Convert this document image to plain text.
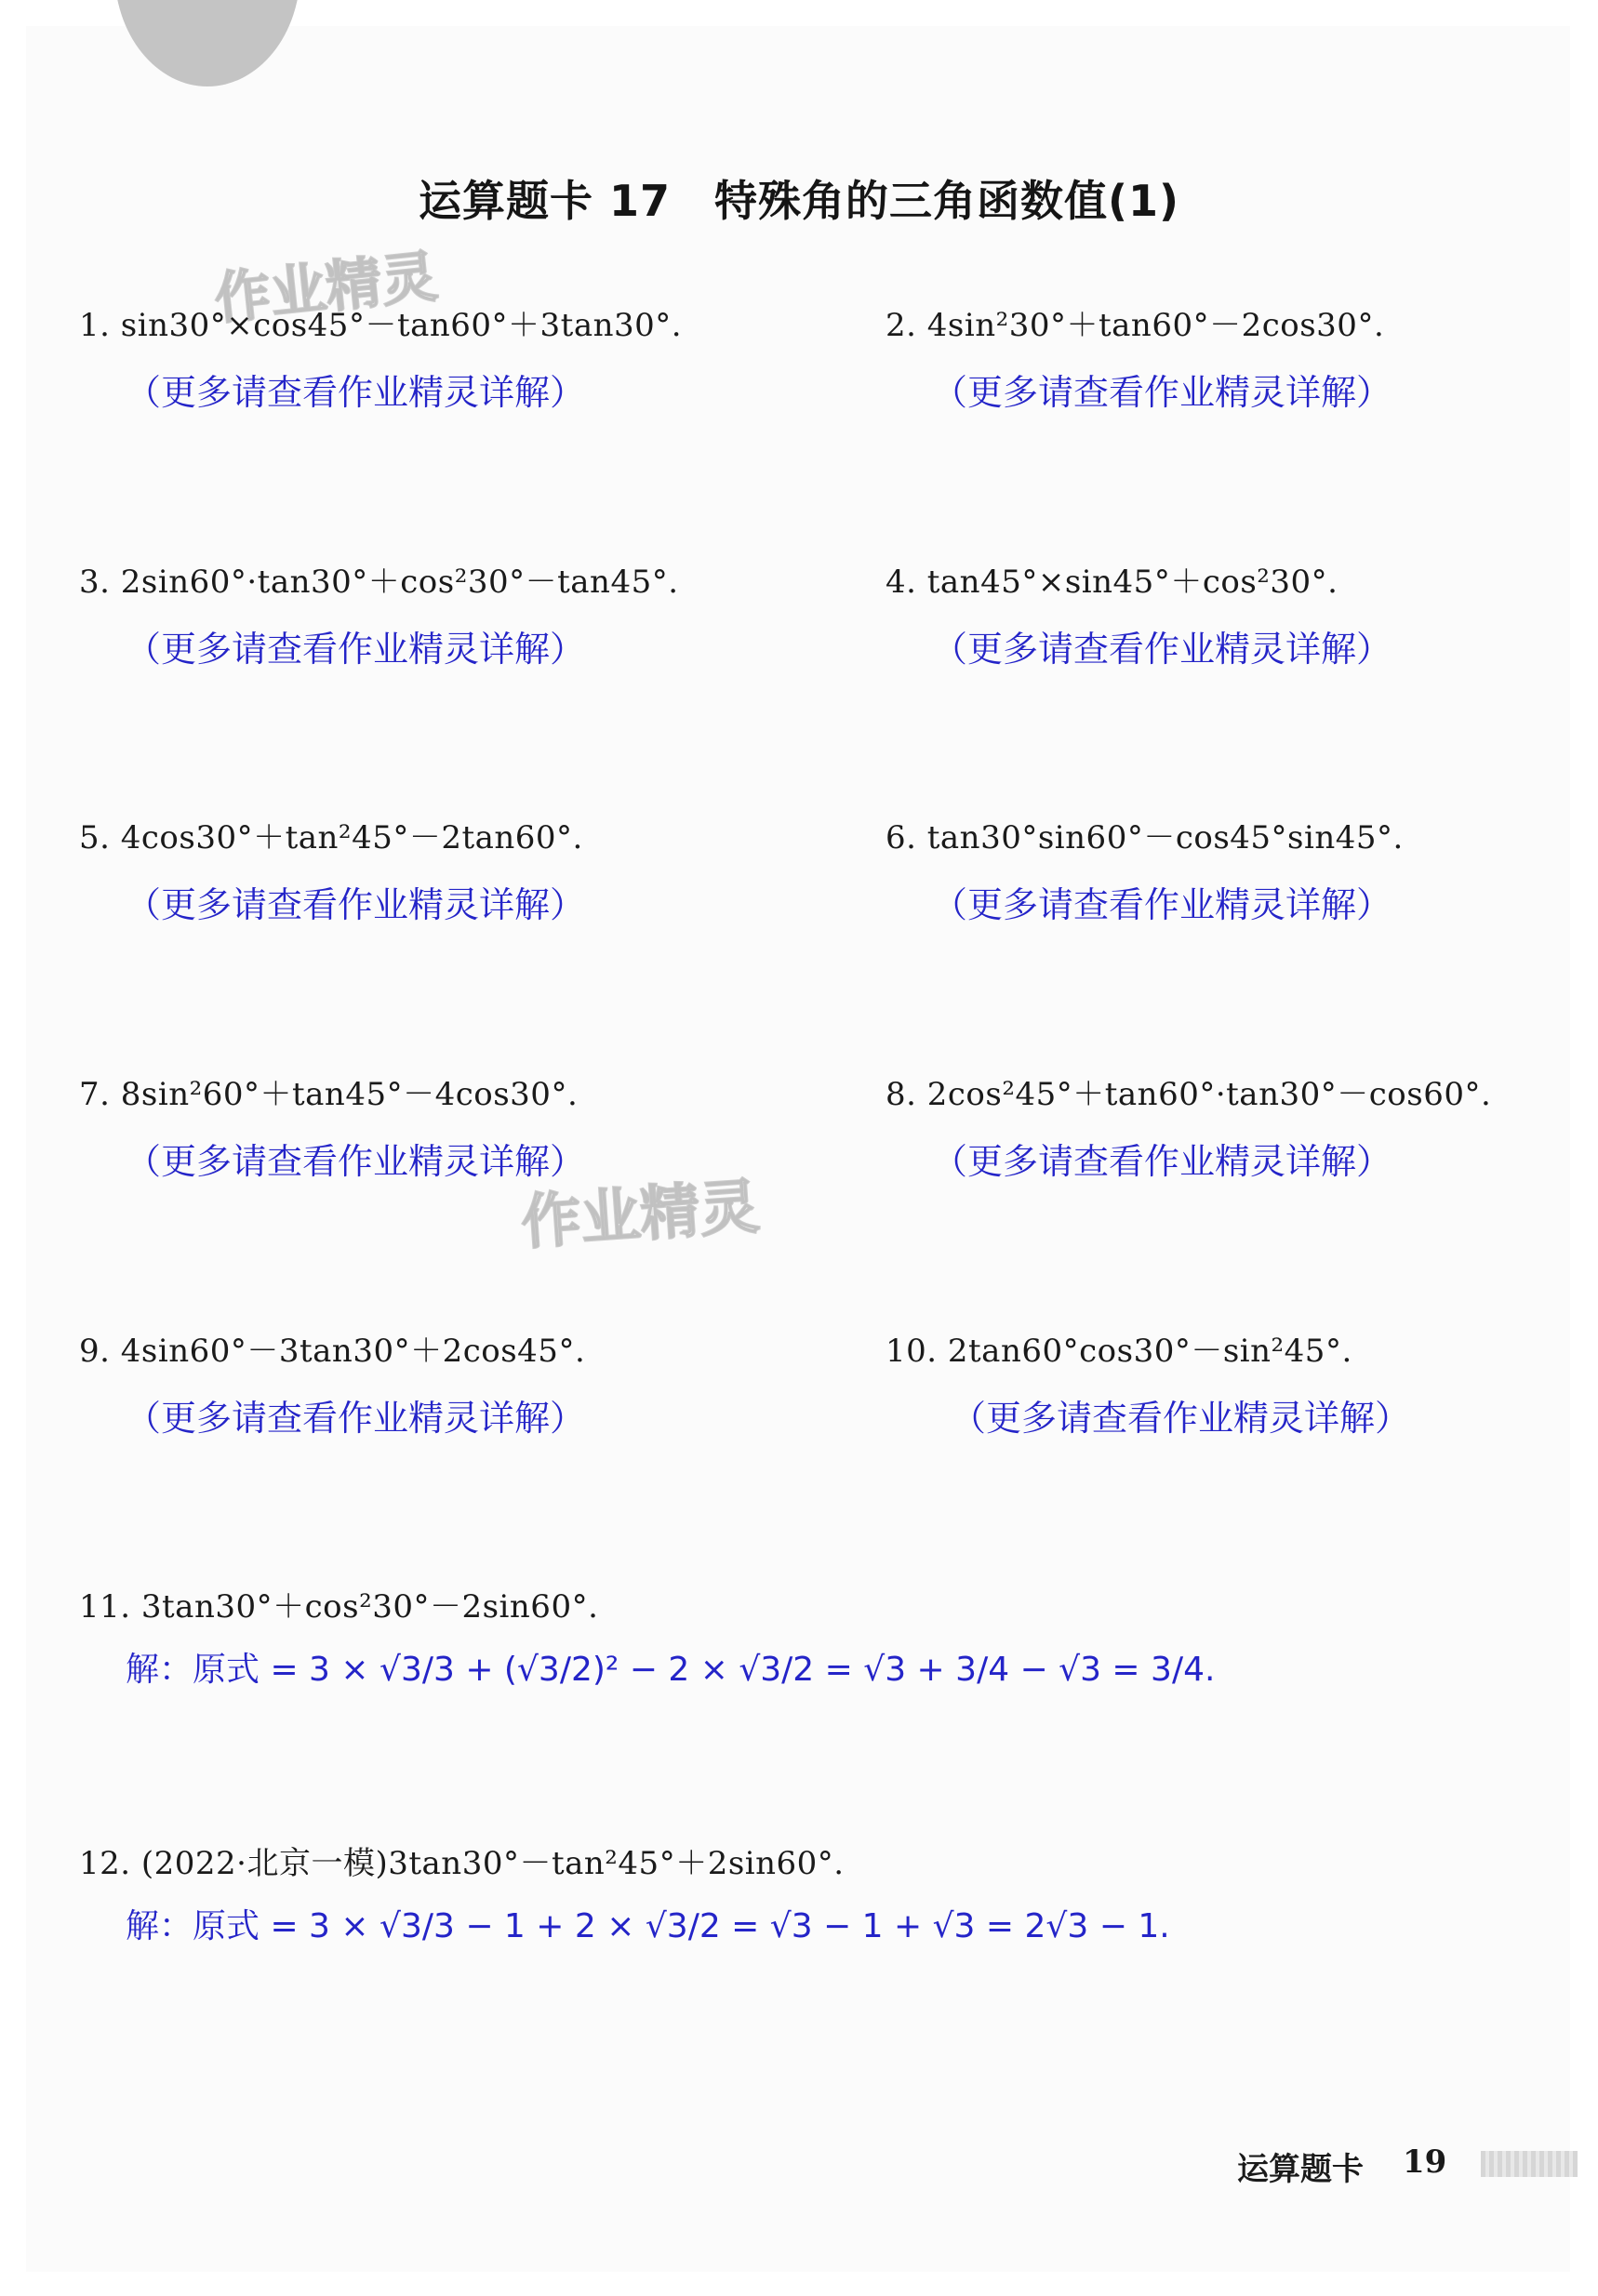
运算题卡 17　特殊角的三角函数值(1)
作业精灵
作业精灵
1. sin30°×cos45°－tan60°＋3tan30°.
（更多请查看作业精灵详解）
2. 4sin²30°＋tan60°－2cos30°.
（更多请查看作业精灵详解）
3. 2sin60°·tan30°＋cos²30°－tan45°.
（更多请查看作业精灵详解）
4. tan45°×sin45°＋cos²30°.
（更多请查看作业精灵详解）
5. 4cos30°＋tan²45°－2tan60°.
（更多请查看作业精灵详解）
6. tan30°sin60°－cos45°sin45°.
（更多请查看作业精灵详解）
7. 8sin²60°＋tan45°－4cos30°.
（更多请查看作业精灵详解）
8. 2cos²45°＋tan60°·tan30°－cos60°.
（更多请查看作业精灵详解）
9. 4sin60°－3tan30°＋2cos45°.
（更多请查看作业精灵详解）
10. 2tan60°cos30°－sin²45°.
（更多请查看作业精灵详解）
11. 3tan30°＋cos²30°－2sin60°.
解：原式 = 3 × √3/3 + (√3/2)² − 2 × √3/2 = √3 + 3/4 − √3 = 3/4.
12. (2022·北京一模)3tan30°－tan²45°＋2sin60°.
解：原式 = 3 × √3/3 − 1 + 2 × √3/2 = √3 − 1 + √3 = 2√3 − 1.
运算题卡 19
